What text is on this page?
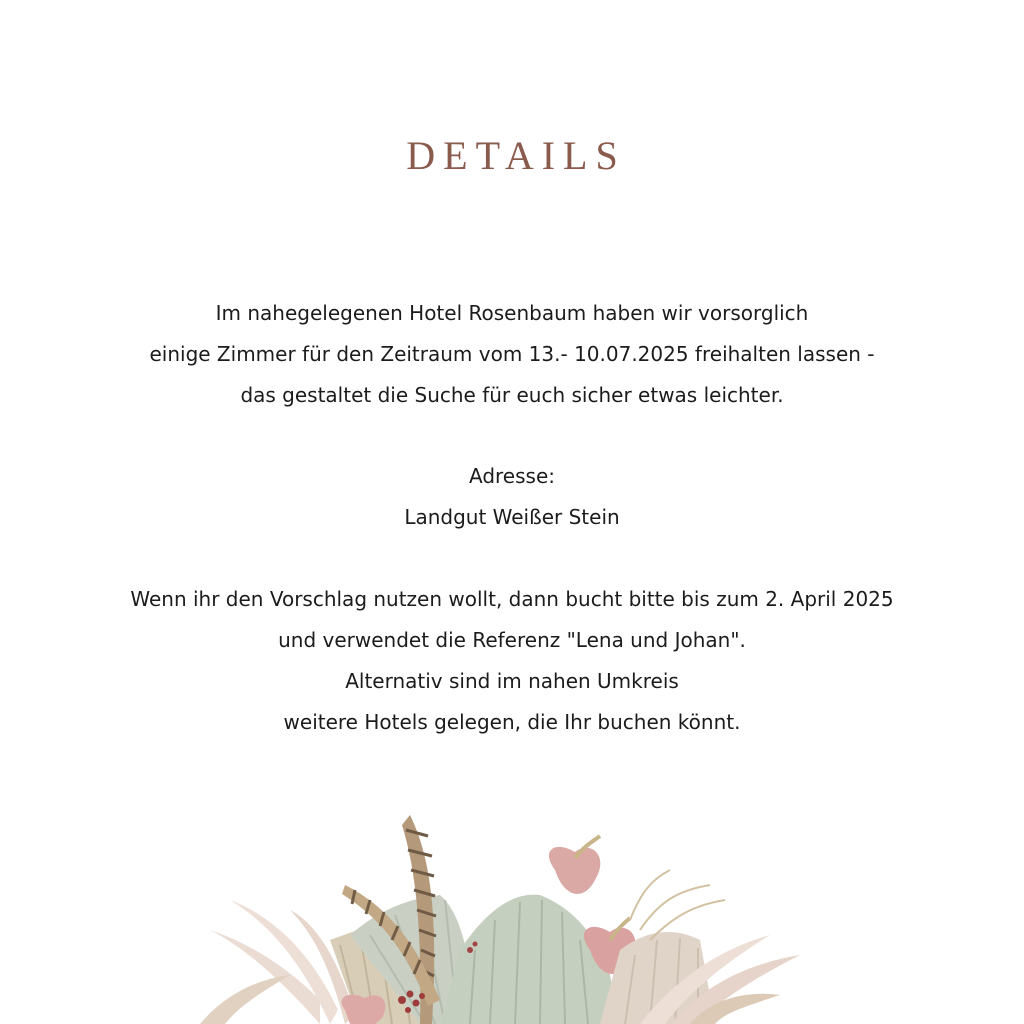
DETAILS
Im nahegelegenen Hotel Rosenbaum haben wir vorsorglich
einige Zimmer für den Zeitraum vom 13.- 10.07.2025 freihalten lassen -
das gestaltet die Suche für euch sicher etwas leichter.
Adresse:
Landgut Weißer Stein
Wenn ihr den Vorschlag nutzen wollt, dann bucht bitte bis zum 2. April 2025
und verwendet die Referenz "Lena und Johan".
Alternativ sind im nahen Umkreis
weitere Hotels gelegen, die Ihr buchen könnt.
